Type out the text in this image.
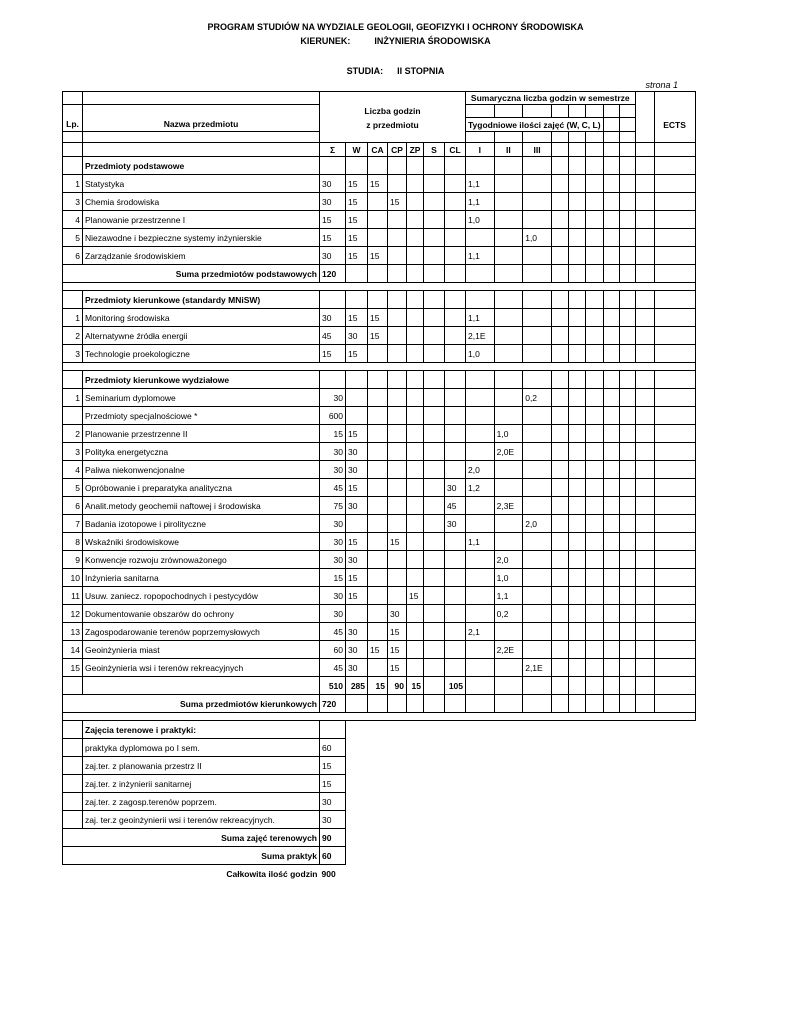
PROGRAM STUDIÓW NA WYDZIALE GEOLOGII, GEOFIZYKI I OCHRONY ŚRODOWISKA
KIERUNEK:	INŻYNIERIA ŚRODOWISKA
STUDIA: II STOPNIA
strona 1
									Sumaryczna liczba godzin w semestrze									
		Liczba godzin																
Lp.	Nazwa przedmiotu	z przedmiotu							Tygodniowe ilości zajęć (W, C, L)									ECTS

		Σ	W	CA	CP	ZP	S	CL	I	II	III							
	Przedmioty podstawowe																	
1	Statystyka	30	15	15					1,1									
3	Chemia środowiska	30	15		15				1,1									
4	Planowanie przestrzenne I	15	15						1,0									
5	Niezawodne i bezpieczne systemy inżynierskie	15	15								1,0							
6	Zarządzanie środowiskiem	30	15	15					1,1									
Suma przedmiotów podstawowych		120																

	Przedmioty kierunkowe (standardy MNiSW)																	
1	Monitoring środowiska	30	15	15					1,1									
2	Alternatywne źródła energii	45	30	15					2,1E									
3	Technologie proekologiczne	15	15						1,0									

	Przedmioty kierunkowe wydziałowe																	
1	Seminarium dyplomowe	30									0,2							
	Przedmioty specjalnościowe *	600																
2	Planowanie przestrzenne II	15	15							1,0								
3	Polityka energetyczna	30	30							2,0E								
4	Paliwa niekonwencjonalne	30	30						2,0									
5	Opróbowanie i preparatyka analityczna	45	15					30	1,2									
6	Analit.metody geochemii naftowej i środowiska	75	30					45		2,3E								
7	Badania izotopowe i pirolityczne	30						30			2,0							
8	Wskaźniki środowiskowe	30	15		15				1,1									
9	Konwencje rozwoju zrównoważonego	30	30							2,0								
10	Inżynieria sanitarna	15	15							1,0								
11	Usuw. zaniecz. ropopochodnych i pestycydów	30	15			15				1,1								
12	Dokumentowanie obszarów do ochrony	30			30					0,2								
13	Zagospodarowanie terenów poprzemysłowych	45	30		15				2,1									
14	Geoinżynieria miast	60	30	15	15					2,2E								
15	Geoinżynieria wsi i terenów rekreacyjnych	45	30		15						2,1E							
		510	285	15	90	15		105										
Suma przedmiotów kierunkowych		720																

	Zajęcia terenowe i praktyki:																	
	praktyka dyplomowa po I sem.	60																
	zaj.ter. z planowania przestrz II	15																
	zaj.ter. z inżynierii sanitarnej	15																
	zaj.ter. z zagosp.terenów poprzem.	30																
	zaj. ter.z geoinżynierii wsi i terenów rekreacyjnych.	30																
Suma zajęć terenowych		90																
Suma praktyk		60																
Całkowita ilość godzin		900																
